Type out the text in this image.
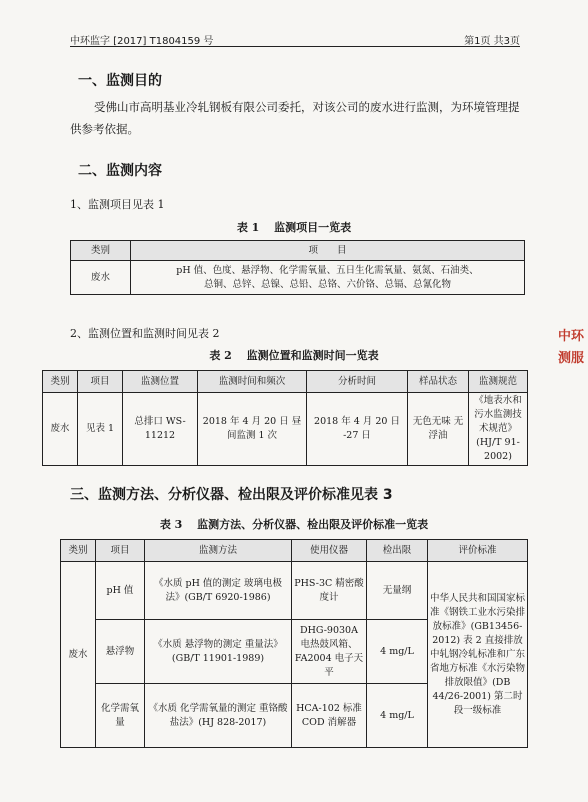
中环监字 [2017] T1804159 号	第1页 共3页
一、监测目的
受佛山市高明基业冷轧钢板有限公司委托，对该公司的废水进行监测，为环境管理提供参考依据。
二、监测内容
1、监测项目见表 1
表 1　 监测项目一览表
类别	项　　目
废水	pH 值、色度、悬浮物、化学需氧量、五日生化需氧量、氨氮、石油类、
总铜、总锌、总镍、总铅、总铬、六价铬、总镉、总氰化物
2、监测位置和监测时间见表 2
表 2　 监测位置和监测时间一览表
类别	项目	监测位置	监测时间和频次	分析时间	样品状态	监测规范
废水	见表 1	总排口 WS-11212	2018 年 4 月 20 日 昼间监测 1 次	2018 年 4 月 20 日 -27 日	无色无味 无浮油	《地表水和污水监测技术规范》 (HJ/T 91-2002)
三、监测方法、分析仪器、检出限及评价标准见表 3
表 3　 监测方法、分析仪器、检出限及评价标准一览表
类别	项目	监测方法	使用仪器	检出限	评价标准
废水	pH 值	《水质 pH 值的测定 玻璃电极法》(GB/T 6920-1986)	PHS-3C 精密酸度计	无量纲	中华人民共和国国家标准《钢铁工业水污染排放标准》(GB13456-2012) 表 2 直接排放中轧钢冷轧标准和广东省地方标准《水污染物排放限值》(DB 44/26-2001) 第二时段一级标准
	悬浮物	《水质 悬浮物的测定 重量法》(GB/T 11901-1989)	DHG-9030A 电热鼓风箱、FA2004 电子天平	4 mg/L	
	化学需氧量	《水质 化学需氧量的测定 重铬酸盐法》(HJ 828-2017)	HCA-102 标准 COD 消解器	4 mg/L	
中环 测服
